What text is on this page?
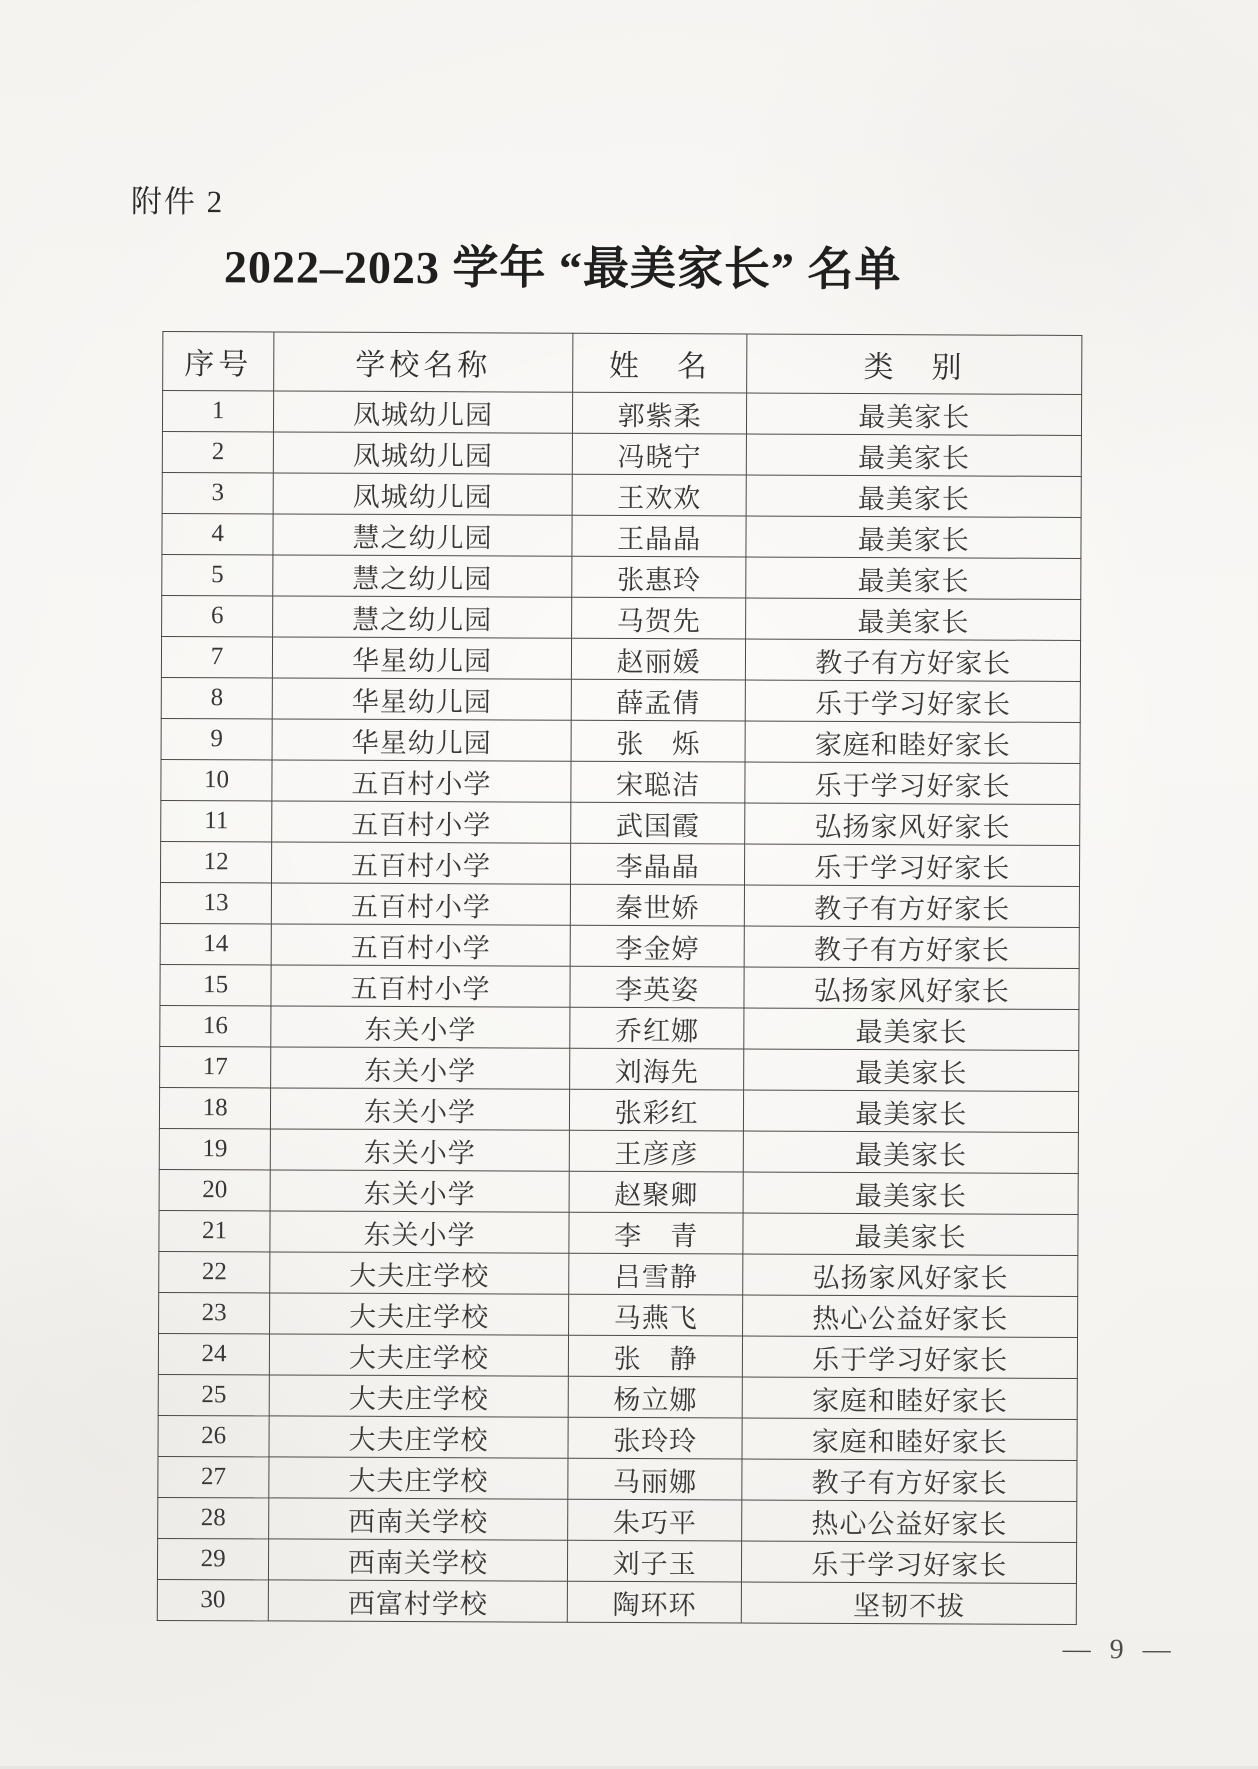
附件 2
2022–2023 学年 “最美家长” 名单
序号	学校名称	姓　名	类　别
1	凤城幼儿园	郭紫柔	最美家长
2	凤城幼儿园	冯晓宁	最美家长
3	凤城幼儿园	王欢欢	最美家长
4	慧之幼儿园	王晶晶	最美家长
5	慧之幼儿园	张惠玲	最美家长
6	慧之幼儿园	马贺先	最美家长
7	华星幼儿园	赵丽媛	教子有方好家长
8	华星幼儿园	薛孟倩	乐于学习好家长
9	华星幼儿园	张　烁	家庭和睦好家长
10	五百村小学	宋聪洁	乐于学习好家长
11	五百村小学	武国霞	弘扬家风好家长
12	五百村小学	李晶晶	乐于学习好家长
13	五百村小学	秦世娇	教子有方好家长
14	五百村小学	李金婷	教子有方好家长
15	五百村小学	李英姿	弘扬家风好家长
16	东关小学	乔红娜	最美家长
17	东关小学	刘海先	最美家长
18	东关小学	张彩红	最美家长
19	东关小学	王彦彦	最美家长
20	东关小学	赵聚卿	最美家长
21	东关小学	李　青	最美家长
22	大夫庄学校	吕雪静	弘扬家风好家长
23	大夫庄学校	马燕飞	热心公益好家长
24	大夫庄学校	张　静	乐于学习好家长
25	大夫庄学校	杨立娜	家庭和睦好家长
26	大夫庄学校	张玲玲	家庭和睦好家长
27	大夫庄学校	马丽娜	教子有方好家长
28	西南关学校	朱巧平	热心公益好家长
29	西南关学校	刘子玉	乐于学习好家长
30	西富村学校	陶环环	坚韧不拔
— 9 —
